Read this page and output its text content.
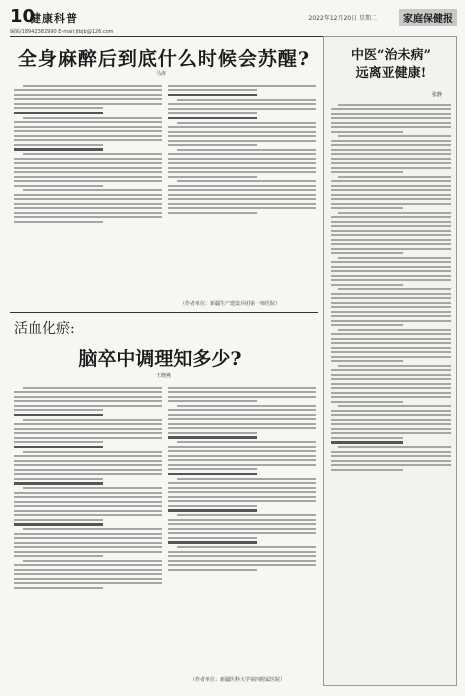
10
健康科普	2022年12月20日 星期二	家庭保健报
编辑/18942382990 E-mail:jtbjb@126.com
全身麻醉后到底什么时候会苏醒?
马涛
（作者单位：新疆生产建设兵团第一师医院）
中医“治未病”
远离亚健康!
张静
活血化瘀:
脑卒中调理知多少?
王晓燕
（作者单位：新疆医科大学第四附属医院）
